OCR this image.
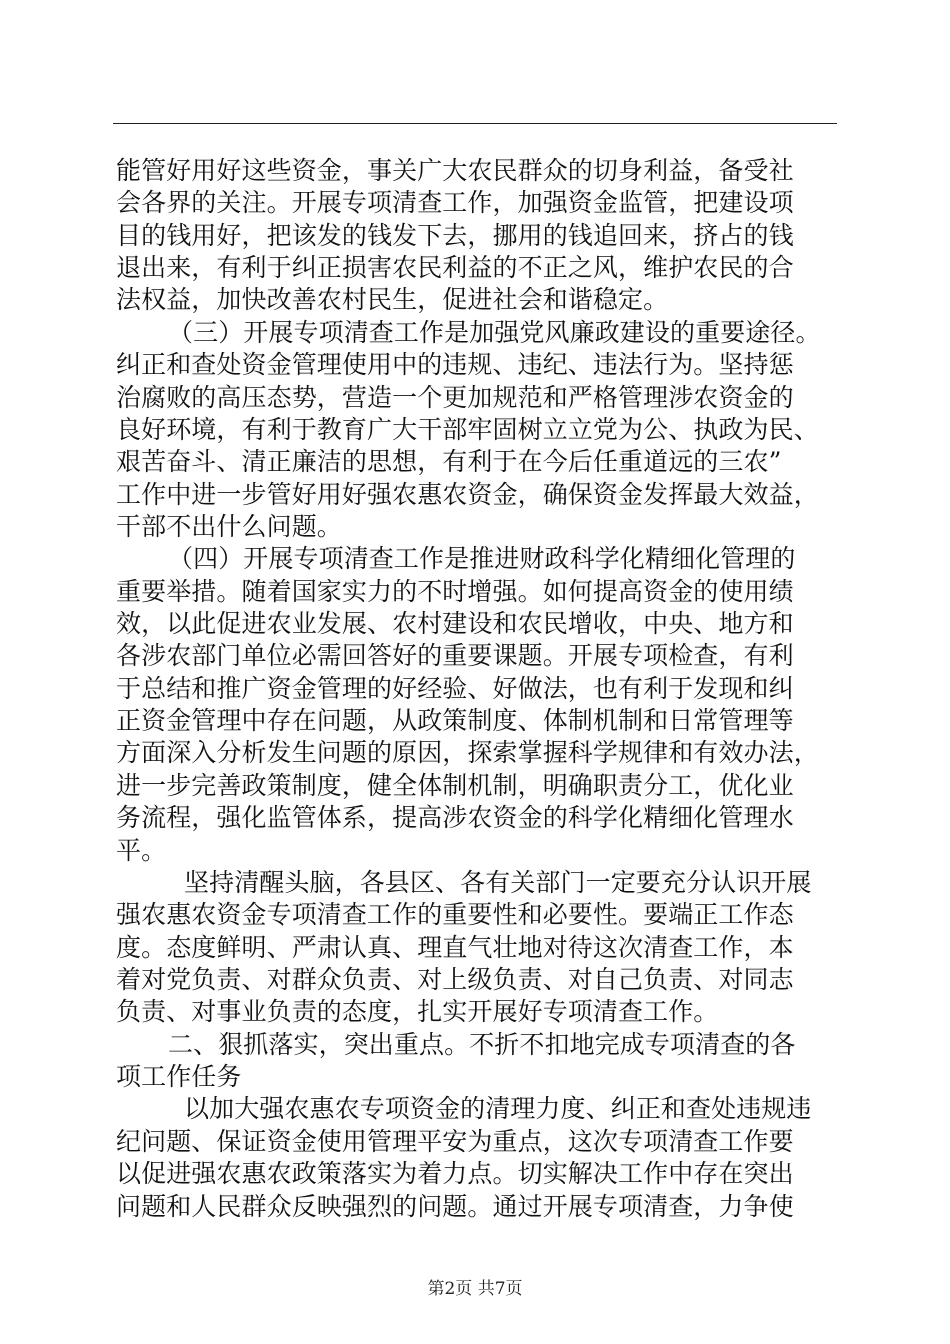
能管好用好这些资金，事关广大农民群众的切身利益，备受社
会各界的关注。开展专项清查工作，加强资金监管，把建设项
目的钱用好，把该发的钱发下去，挪用的钱追回来，挤占的钱
退出来，有利于纠正损害农民利益的不正之风，维护农民的合
法权益，加快改善农村民生，促进社会和谐稳定。
（三）开展专项清查工作是加强党风廉政建设的重要途径。
纠正和查处资金管理使用中的违规、违纪、违法行为。坚持惩
治腐败的高压态势，营造一个更加规范和严格管理涉农资金的
良好环境，有利于教育广大干部牢固树立立党为公、执政为民、
艰苦奋斗、清正廉洁的思想，有利于在今后任重道远的三农”
工作中进一步管好用好强农惠农资金，确保资金发挥最大效益，
干部不出什么问题。
（四）开展专项清查工作是推进财政科学化精细化管理的
重要举措。随着国家实力的不时增强。如何提高资金的使用绩
效，以此促进农业发展、农村建设和农民增收，中央、地方和
各涉农部门单位必需回答好的重要课题。开展专项检查，有利
于总结和推广资金管理的好经验、好做法，也有利于发现和纠
正资金管理中存在问题，从政策制度、体制机制和日常管理等
方面深入分析发生问题的原因，探索掌握科学规律和有效办法，
进一步完善政策制度，健全体制机制，明确职责分工，优化业
务流程，强化监管体系，提高涉农资金的科学化精细化管理水
平。
坚持清醒头脑，各县区、各有关部门一定要充分认识开展
强农惠农资金专项清查工作的重要性和必要性。要端正工作态
度。态度鲜明、严肃认真、理直气壮地对待这次清查工作，本
着对党负责、对群众负责、对上级负责、对自己负责、对同志
负责、对事业负责的态度，扎实开展好专项清查工作。
二、狠抓落实，突出重点。不折不扣地完成专项清查的各
项工作任务
以加大强农惠农专项资金的清理力度、纠正和查处违规违
纪问题、保证资金使用管理平安为重点，这次专项清查工作要
以促进强农惠农政策落实为着力点。切实解决工作中存在突出
问题和人民群众反映强烈的问题。通过开展专项清查，力争使
第2页 共7页
